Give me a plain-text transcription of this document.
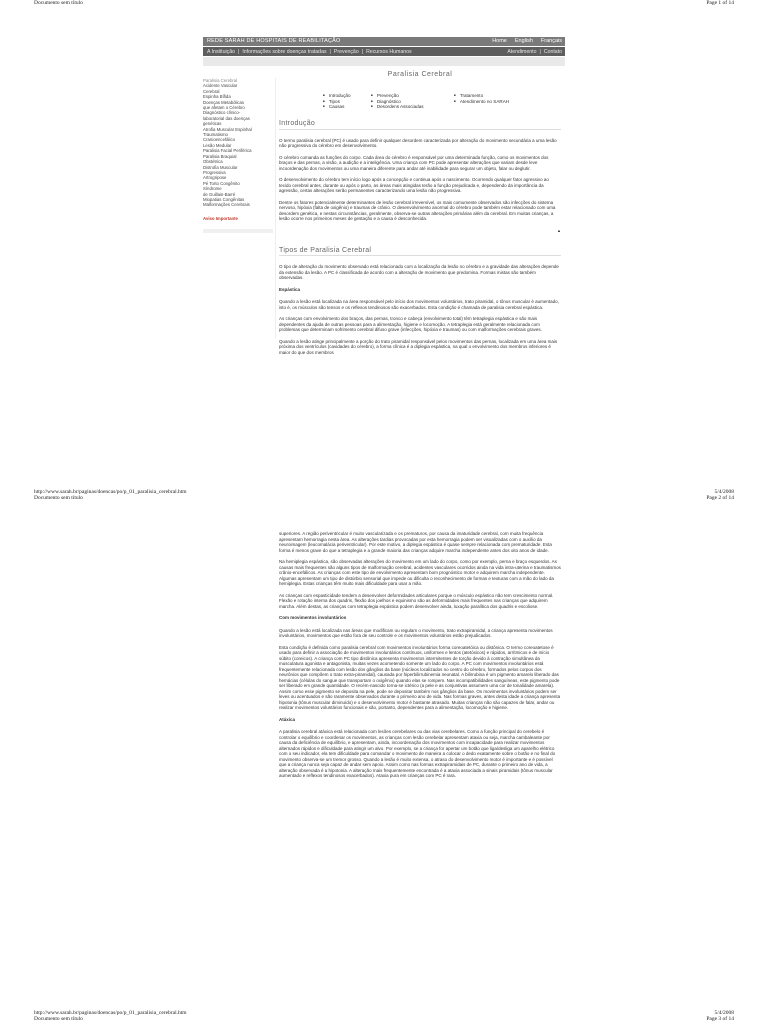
Documento sem título	Page 1 of 14
http://www.sarah.br/paginas/doencas/po/p_01_paralisia_cerebral.htm	5/4/2008
Documento sem título	Page 2 of 14
http://www.sarah.br/paginas/doencas/po/p_01_paralisia_cerebral.htm	5/4/2008
Documento sem título	Page 3 of 14
REDE SARAH DE HOSPITAIS DE REABILITAÇÃO	Home English Français
A Instituição | Informações sobre doenças tratadas | Prevenção | Recursos Humanos	Atendimento | Contato
Paralisia Cerebral
Acidente Vascular
Cerebral
Espinha Bífida
Doenças Metabólicas
que afetam o Cérebro
Diagnóstico clínico-
laboratorial das doenças
genéticas
Atrofia Muscular Espinhal
Traumatismo
Cranioencefálico
Lesão Medular
Paralisia Facial Periférica
Paralisia Braquial
Obstétrica
Distrofia Muscular
Progressiva
Artrogripose
Pé Torto Congênito
Síndrome
de Guillain-Barré
Miopatias Congênitas
Malformações Cerebrais
Aviso Importante
Paralisia Cerebral
■ Introdução
■ Tipos
■ Causas
■ Prevenção
■ Diagnóstico
■ Desordens Associadas
■ Tratamento
■ Atendimento no SARAH
Introdução

O termo paralisia cerebral (PC) é usado para definir qualquer desordem caracterizada por alteração do movimento secundária a uma lesão não progressiva do cérebro em desenvolvimento.

O cérebro comanda as funções do corpo. Cada área do cérebro é responsável por uma determinada função, como os movimentos dos braços e das pernas, a visão, a audição e a inteligência. Uma criança com PC pode apresentar alterações que variam desde leve incoordenação dos movimentos ou uma maneira diferente para andar até inabilidade para segurar um objeto, falar ou deglutir.

O desenvolvimento do cérebro tem início logo após a concepção e continua após o nascimento. Ocorrendo qualquer fator agressivo ao tecido cerebral antes, durante ou após o parto, as áreas mais atingidas terão a função prejudicada e, dependendo da importância da agressão, certas alterações serão permanentes caracterizando uma lesão não progressiva.

Dentre os fatores potencialmente determinantes de lesão cerebral irreversível, os mais comumente observados são infecções do sistema nervoso, hipóxia (falta de oxigênio) e traumas de crânio. O desenvolvimento anormal do cérebro pode também estar relacionado com uma desordem genética, e nestas circunstâncias, geralmente, observa-se outras alterações primárias além da cerebral. Em muitas crianças, a lesão ocorre nos primeiros meses de gestação e a causa é desconhecida.

▲
Tipos de Paralisia Cerebral

O tipo de alteração do movimento observado está relacionado com a localização da lesão no cérebro e a gravidade das alterações depende da extensão da lesão. A PC é classificada de acordo com a alteração de movimento que predomina. Formas mistas são também observadas.

Espástica

Quando a lesão está localizada na área responsável pelo início dos movimentos voluntários, trato piramidal, o tônus muscular é aumentado, isto é, os músculos são tensos e os reflexos tendinosos são exacerbados. Esta condição é chamada de paralisia cerebral espástica.

As crianças com envolvimento dos braços, das pernas, tronco e cabeça (envolvimento total) têm tetraplegia espástica e são mais dependentes da ajuda de outras pessoas para a alimentação, higiene e locomoção. A tetraplegia está geralmente relacionada com problemas que determinam sofrimento cerebral difuso grave (infecções, hipóxia e traumas) ou com malformações cerebrais graves.

Quando a lesão atinge principalmente a porção do trato piramidal responsável pelos movimentos das pernas, localizada em uma área mais próxima dos ventrículos (cavidades do cérebro), a forma clínica é a diplegia espástica, na qual o envolvimento dos membros inferiores é maior do que dos membros

superiores. A região periventricular é muito vascularizada e os prematuros, por causa da imaturidade cerebral, com muita frequência apresentam hemorragia nesta área. As alterações tardias provocadas por esta hemorragia podem ser visualizadas com o auxílio da neuroimagem (leucomalácia periventricular). Por este motivo, a diplegia espástica é quase sempre relacionada com prematuridade. Esta forma é menos grave do que a tetraplegia e a grande maioria das crianças adquire marcha independente antes dos oito anos de idade.

Na hemiplegia espástica, são observadas alterações do movimento em um lado do corpo, como por exemplo, perna e braço esquerdos. As causas mais frequentes são alguns tipos de malformação cerebral, acidentes vasculares ocorridos ainda na vida intra-uterina e traumatismos crânio-encefálicos. As crianças com este tipo de envolvimento apresentam bom prognóstico motor e adquirem marcha independente. Algumas apresentam um tipo de distúrbio sensorial que impede ou dificulta o reconhecimento de formas e texturas com a mão do lado da hemiplegia. Estas crianças têm muito mais dificuldade para usar a mão.

As crianças com espasticidade tendem a desenvolver deformidades articulares porque o músculo espástico não tem crescimento normal. Flexão e rotação interna dos quadris, flexão dos joelhos e equinismo são as deformidades mais frequentes nas crianças que adquirem marcha. Além destas, as crianças com tetraplegia espástica podem desenvolver ainda, luxação paralítica dos quadris e escoliose.

Com movimentos involuntários

Quando a lesão está localizada nas áreas que modificam ou regulam o movimento, trato extrapiramidal, a criança apresenta movimentos involuntários, movimentos que estão fora de seu controle e os movimentos voluntários estão prejudicados.

Esta condição é definida como paralisia cerebral com movimentos involuntários forma coreoatetóica ou distônica. O termo coreoatetose é usado para definir a associação de movimentos involuntários contínuos, uniformes e lentos (atetósicos) e rápidos, arrítmicos e de início súbito (coreicos). A criança com PC tipo distônica apresenta movimentos intermitentes de torção devido à contração simultânea da musculatura agonista e antagonista, muitas vezes acometendo somente um lado do corpo. A PC com movimentos involuntários está frequentemente relacionada com lesão dos gânglios da base (núcleos localizados no centro do cérebro, formados pelos corpos dos neurônios que compõem o trato extra-piramidal), causada por hiperbilirrubinemia neonatal. A bilirrubina é um pigmento amarelo liberado das hemácias (células do sangue que transportam o oxigênio) quando elas se rompem. Nas incompatibilidades sanguíneas, este pigmento pode ser liberado em grande quantidade. O recém-nascido torna-se ictérico (a pele e as conjuntivas assumem uma cor de tonalidade amarela). Assim como esse pigmento se deposita na pele, pode se depositar também nos gânglios da base. Os movimentos involuntários podem ser leves ou acentuados e são raramente observados durante o primeiro ano de vida. Nas formas graves, antes desta idade a criança apresenta hipotonia (tônus muscular diminuído) e o desenvolvimento motor é bastante atrasado. Muitas crianças não são capazes de falar, andar ou realizar movimentos voluntários funcionais e são, portanto, dependentes para a alimentação, locomoção e higiene.

Atáxica

A paralisia cerebral atáxica está relacionada com lesões cerebelares ou das vias cerebelares. Como a função principal do cerebelo é controlar o equilíbrio e coordenar os movimentos, as crianças com lesão cerebelar apresentam ataxia ou seja, marcha cambaleante por causa da deficiência de equilíbrio, e apresentam, ainda, incoordenação dos movimentos com incapacidade para realizar movimentos alternados rápidos e dificuldade para atingir um alvo. Por exemplo, se a criança for apertar um botão que liga/desliga um aparelho elétrico com o seu indicador, ela tem dificuldade para comandar o movimento de maneira a colocar o dedo exatamente sobre o botão e no final do movimento observa-se um tremor grosso. Quando a lesão é muito extensa, o atraso do desenvolvimento motor é importante e é possível que a criança nunca seja capaz de andar sem apoio. Assim como nas formas extrapiramidais de PC, durante o primeiro ano de vida, a alteração observada é a hipotonia. A alteração mais frequentemente encontrada é a ataxia associada a sinais piramidais (tônus muscular aumentado e reflexos tendinosos exacerbados). Ataxia pura em crianças com PC é rara.
